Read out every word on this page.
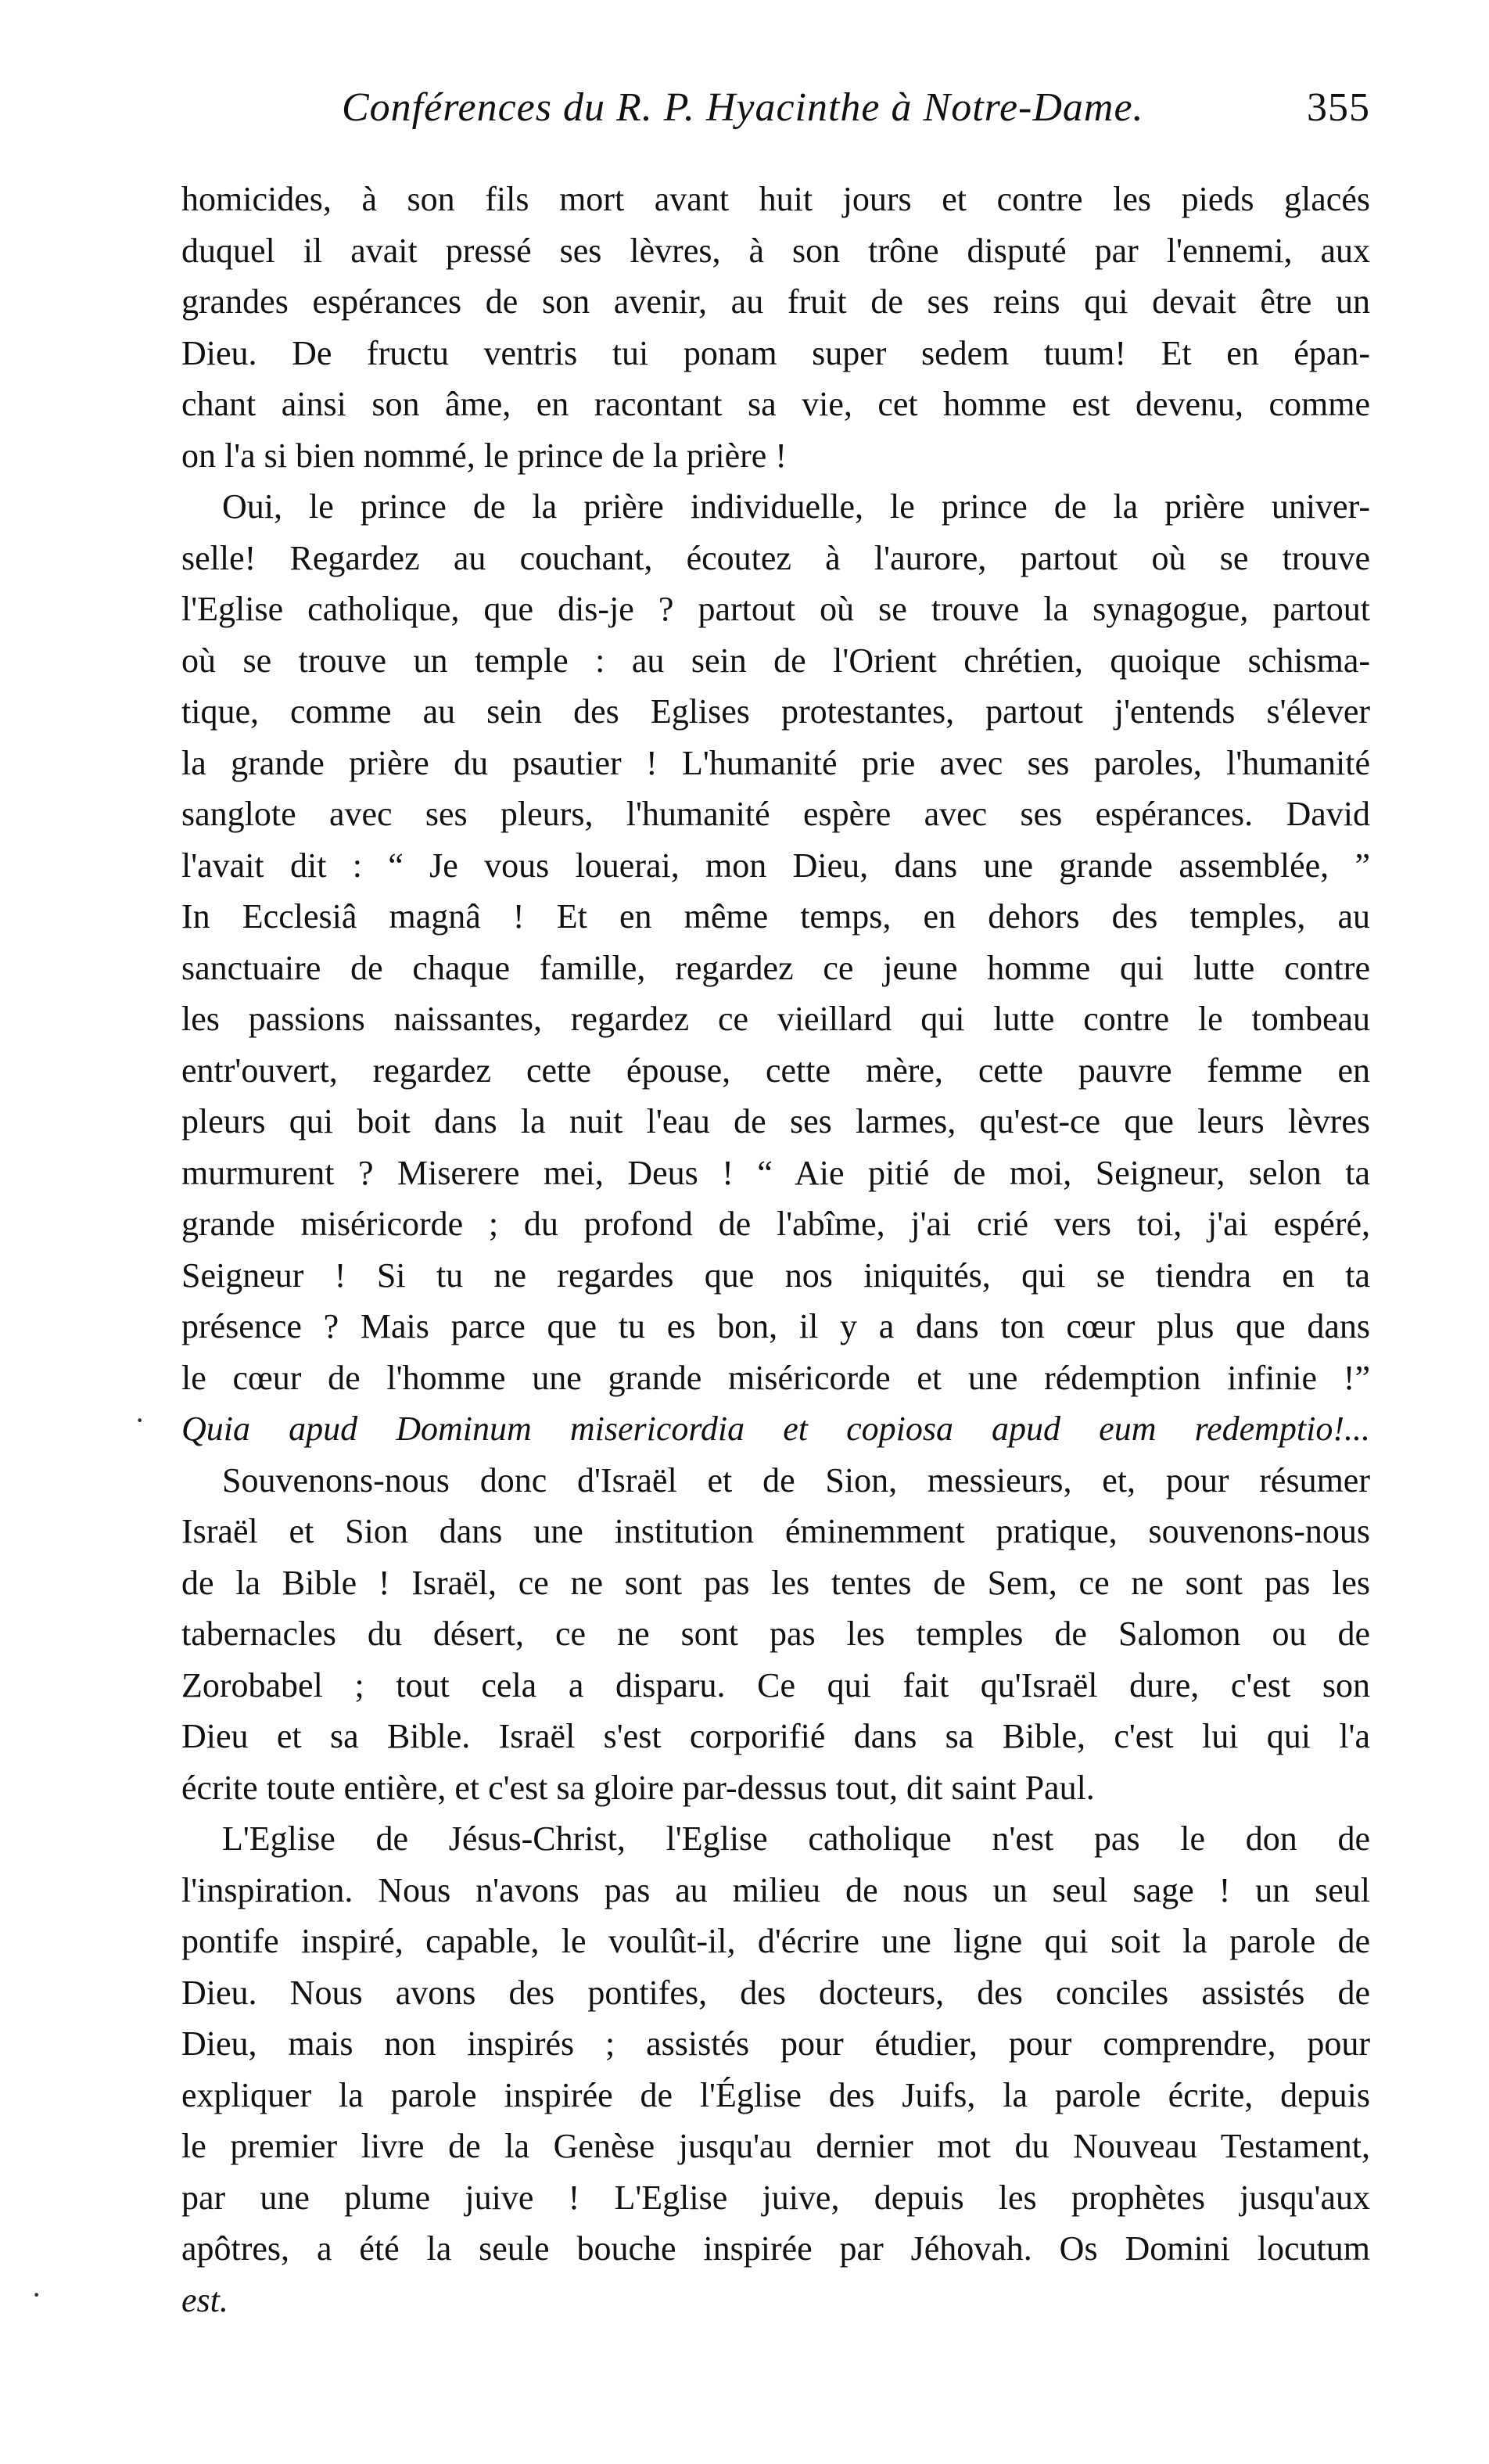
Conférences du R. P. Hyacinthe à Notre-Dame.	355
homicides, à son fils mort avant huit jours et contre les pieds glacés
duquel il avait pressé ses lèvres, à son trône disputé par l'ennemi, aux
grandes espérances de son avenir, au fruit de ses reins qui devait être un
Dieu. De fructu ventris tui ponam super sedem tuum! Et en épan-
chant ainsi son âme, en racontant sa vie, cet homme est devenu, comme
on l'a si bien nommé, le prince de la prière !
Oui, le prince de la prière individuelle, le prince de la prière univer-
selle! Regardez au couchant, écoutez à l'aurore, partout où se trouve
l'Eglise catholique, que dis-je ? partout où se trouve la synagogue, partout
où se trouve un temple : au sein de l'Orient chrétien, quoique schisma-
tique, comme au sein des Eglises protestantes, partout j'entends s'élever
la grande prière du psautier ! L'humanité prie avec ses paroles, l'humanité
sanglote avec ses pleurs, l'humanité espère avec ses espérances. David
l'avait dit : “ Je vous louerai, mon Dieu, dans une grande assemblée, ”
In Ecclesiâ magnâ ! Et en même temps, en dehors des temples, au
sanctuaire de chaque famille, regardez ce jeune homme qui lutte contre
les passions naissantes, regardez ce vieillard qui lutte contre le tombeau
entr'ouvert, regardez cette épouse, cette mère, cette pauvre femme en
pleurs qui boit dans la nuit l'eau de ses larmes, qu'est-ce que leurs lèvres
murmurent ? Miserere mei, Deus ! “ Aie pitié de moi, Seigneur, selon ta
grande miséricorde ; du profond de l'abîme, j'ai crié vers toi, j'ai espéré,
Seigneur ! Si tu ne regardes que nos iniquités, qui se tiendra en ta
présence ? Mais parce que tu es bon, il y a dans ton cœur plus que dans
le cœur de l'homme une grande miséricorde et une rédemption infinie !”
Quia apud Dominum misericordia et copiosa apud eum redemptio!...
Souvenons-nous donc d'Israël et de Sion, messieurs, et, pour résumer
Israël et Sion dans une institution éminemment pratique, souvenons-nous
de la Bible ! Israël, ce ne sont pas les tentes de Sem, ce ne sont pas les
tabernacles du désert, ce ne sont pas les temples de Salomon ou de
Zorobabel ; tout cela a disparu. Ce qui fait qu'Israël dure, c'est son
Dieu et sa Bible. Israël s'est corporifié dans sa Bible, c'est lui qui l'a
écrite toute entière, et c'est sa gloire par-dessus tout, dit saint Paul.
L'Eglise de Jésus-Christ, l'Eglise catholique n'est pas le don de
l'inspiration. Nous n'avons pas au milieu de nous un seul sage ! un seul
pontife inspiré, capable, le voulût-il, d'écrire une ligne qui soit la parole de
Dieu. Nous avons des pontifes, des docteurs, des conciles assistés de
Dieu, mais non inspirés ; assistés pour étudier, pour comprendre, pour
expliquer la parole inspirée de l'Église des Juifs, la parole écrite, depuis
le premier livre de la Genèse jusqu'au dernier mot du Nouveau Testament,
par une plume juive ! L'Eglise juive, depuis les prophètes jusqu'aux
apôtres, a été la seule bouche inspirée par Jéhovah. Os Domini locutum
est.
·
·
